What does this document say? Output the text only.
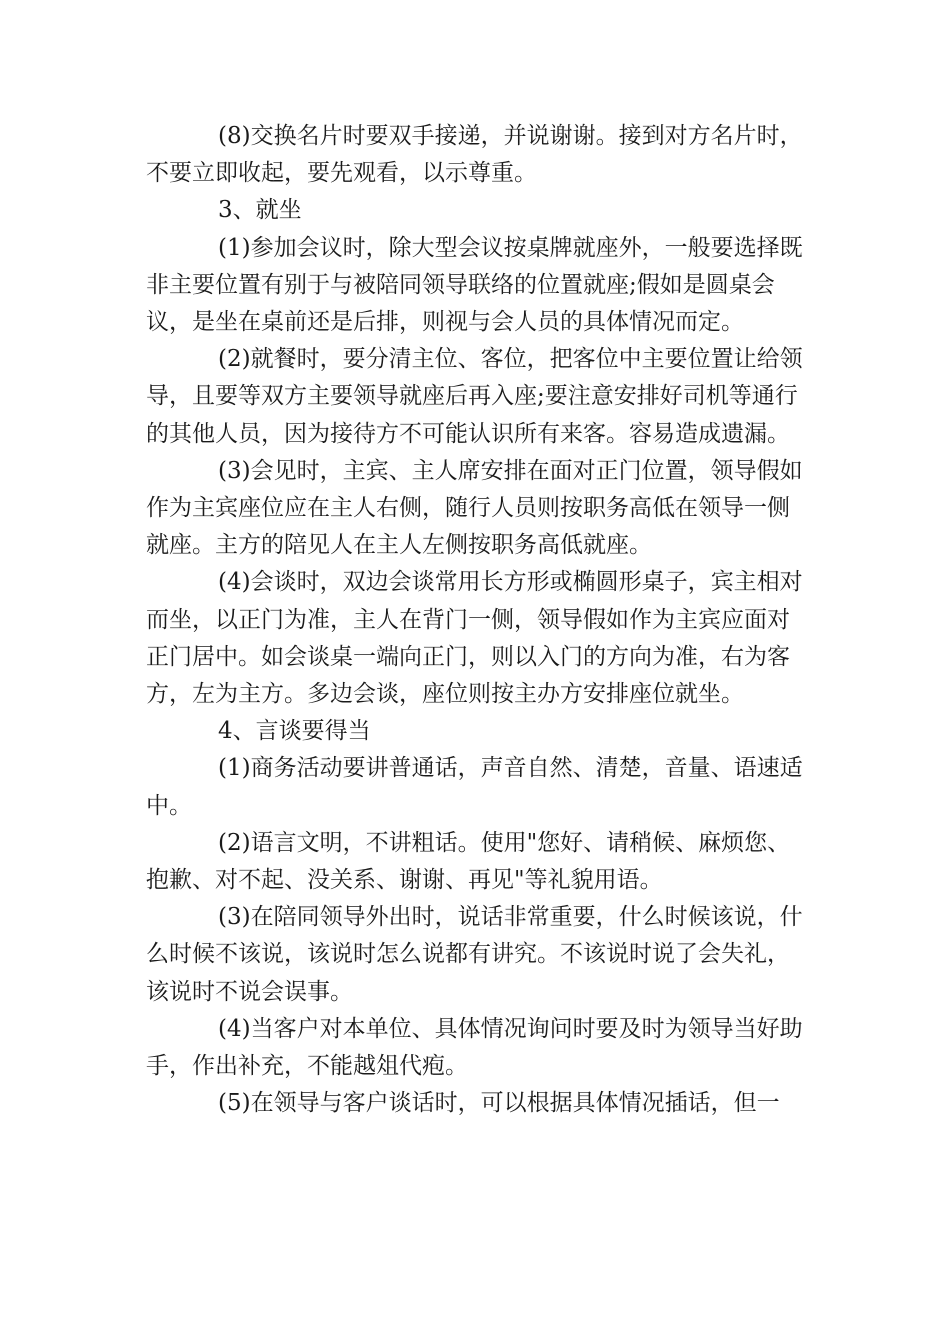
(8)交换名片时要双手接递，并说谢谢。接到对方名片时，不要立即收起，要先观看，以示尊重。

3、就坐

(1)参加会议时，除大型会议按桌牌就座外，一般要选择既非主要位置有别于与被陪同领导联络的位置就座;假如是圆桌会议，是坐在桌前还是后排，则视与会人员的具体情况而定。

(2)就餐时，要分清主位、客位，把客位中主要位置让给领导，且要等双方主要领导就座后再入座;要注意安排好司机等通行的其他人员，因为接待方不可能认识所有来客。容易造成遗漏。

(3)会见时，主宾、主人席安排在面对正门位置，领导假如作为主宾座位应在主人右侧，随行人员则按职务高低在领导一侧就座。主方的陪见人在主人左侧按职务高低就座。

(4)会谈时，双边会谈常用长方形或椭圆形桌子，宾主相对而坐，以正门为准，主人在背门一侧，领导假如作为主宾应面对正门居中。如会谈桌一端向正门，则以入门的方向为准，右为客方，左为主方。多边会谈，座位则按主办方安排座位就坐。

4、言谈要得当

(1)商务活动要讲普通话，声音自然、清楚，音量、语速适中。

(2)语言文明，不讲粗话。使用"您好、请稍候、麻烦您、抱歉、对不起、没关系、谢谢、再见"等礼貌用语。

(3)在陪同领导外出时，说话非常重要，什么时候该说，什么时候不该说，该说时怎么说都有讲究。不该说时说了会失礼，该说时不说会误事。

(4)当客户对本单位、具体情况询问时要及时为领导当好助手，作出补充，不能越俎代疱。

(5)在领导与客户谈话时，可以根据具体情况插话，但一
